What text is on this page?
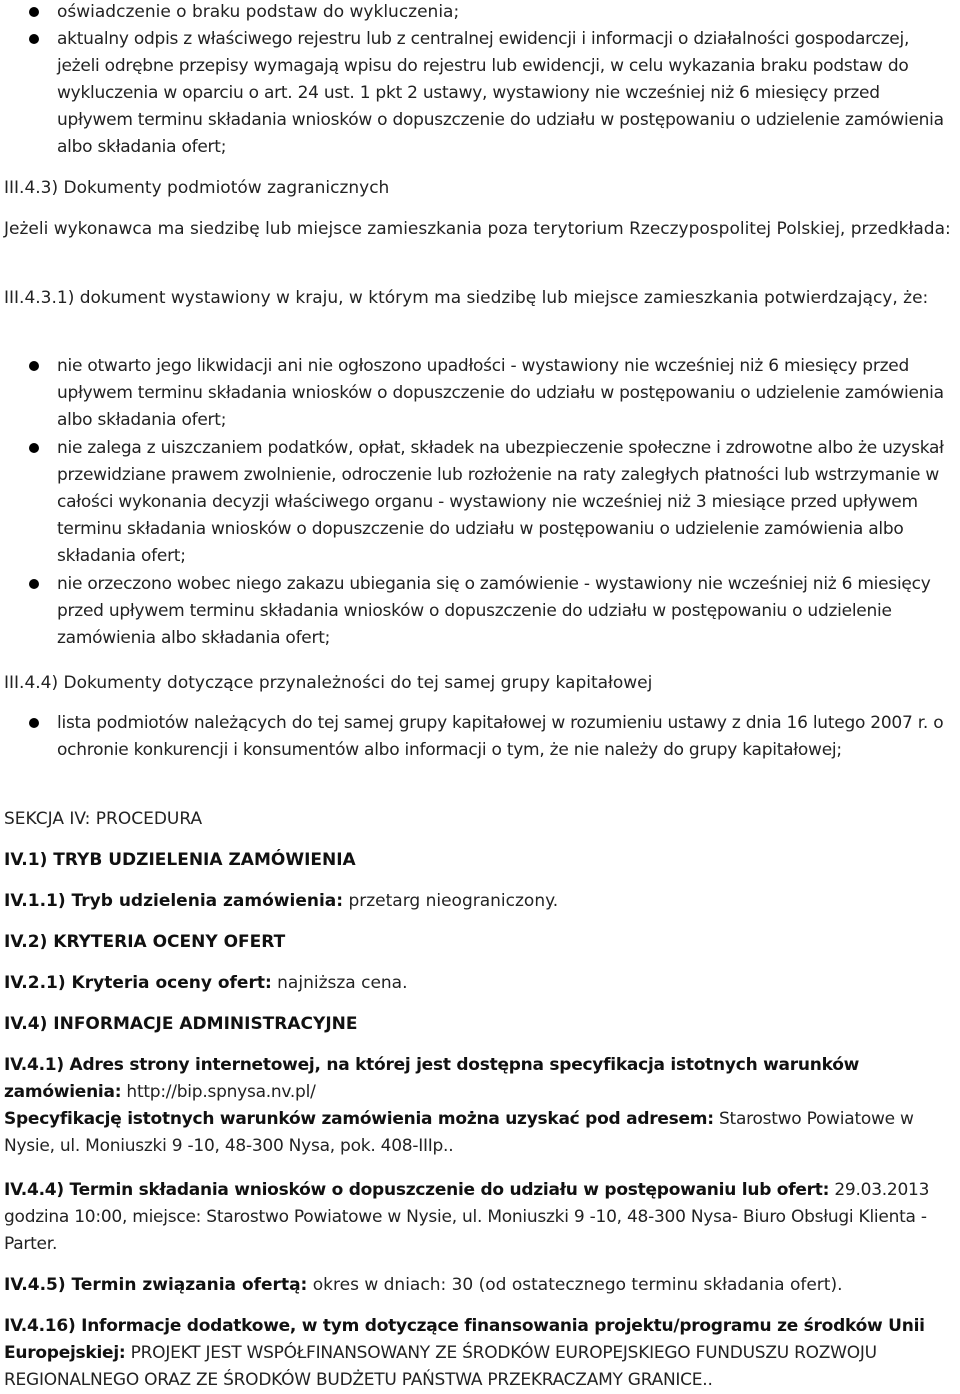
oświadczenie o braku podstaw do wykluczenia;
aktualny odpis z właściwego rejestru lub z centralnej ewidencji i informacji o działalności gospodarczej, jeżeli odrębne przepisy wymagają wpisu do rejestru lub ewidencji, w celu wykazania braku podstaw do wykluczenia w oparciu o art. 24 ust. 1 pkt 2 ustawy, wystawiony nie wcześniej niż 6 miesięcy przed upływem terminu składania wniosków o dopuszczenie do udziału w postępowaniu o udzielenie zamówienia albo składania ofert;
III.4.3) Dokumenty podmiotów zagranicznych
Jeżeli wykonawca ma siedzibę lub miejsce zamieszkania poza terytorium Rzeczypospolitej Polskiej, przedkłada:
III.4.3.1) dokument wystawiony w kraju, w którym ma siedzibę lub miejsce zamieszkania potwierdzający, że:
nie otwarto jego likwidacji ani nie ogłoszono upadłości - wystawiony nie wcześniej niż 6 miesięcy przed upływem terminu składania wniosków o dopuszczenie do udziału w postępowaniu o udzielenie zamówienia albo składania ofert;
nie zalega z uiszczaniem podatków, opłat, składek na ubezpieczenie społeczne i zdrowotne albo że uzyskał przewidziane prawem zwolnienie, odroczenie lub rozłożenie na raty zaległych płatności lub wstrzymanie w całości wykonania decyzji właściwego organu - wystawiony nie wcześniej niż 3 miesiące przed upływem terminu składania wniosków o dopuszczenie do udziału w postępowaniu o udzielenie zamówienia albo składania ofert;
nie orzeczono wobec niego zakazu ubiegania się o zamówienie - wystawiony nie wcześniej niż 6 miesięcy przed upływem terminu składania wniosków o dopuszczenie do udziału w postępowaniu o udzielenie zamówienia albo składania ofert;
III.4.4) Dokumenty dotyczące przynależności do tej samej grupy kapitałowej
lista podmiotów należących do tej samej grupy kapitałowej w rozumieniu ustawy z dnia 16 lutego 2007 r. o ochronie konkurencji i konsumentów albo informacji o tym, że nie należy do grupy kapitałowej;
SEKCJA IV: PROCEDURA
IV.1) TRYB UDZIELENIA ZAMÓWIENIA
IV.1.1) Tryb udzielenia zamówienia: przetarg nieograniczony.
IV.2) KRYTERIA OCENY OFERT
IV.2.1) Kryteria oceny ofert: najniższa cena.
IV.4) INFORMACJE ADMINISTRACYJNE
IV.4.1) Adres strony internetowej, na której jest dostępna specyfikacja istotnych warunków zamówienia: http://bip.spnysa.nv.pl/
Specyfikację istotnych warunków zamówienia można uzyskać pod adresem: Starostwo Powiatowe w Nysie, ul. Moniuszki 9 -10, 48-300 Nysa, pok. 408-IIIp..
IV.4.4) Termin składania wniosków o dopuszczenie do udziału w postępowaniu lub ofert: 29.03.2013 godzina 10:00, miejsce: Starostwo Powiatowe w Nysie, ul. Moniuszki 9 -10, 48-300 Nysa- Biuro Obsługi Klienta - Parter.
IV.4.5) Termin związania ofertą: okres w dniach: 30 (od ostatecznego terminu składania ofert).
IV.4.16) Informacje dodatkowe, w tym dotyczące finansowania projektu/programu ze środków Unii Europejskiej: PROJEKT JEST WSPÓŁFINANSOWANY ZE ŚRODKÓW EUROPEJSKIEGO FUNDUSZU ROZWOJU REGIONALNEGO ORAZ ZE ŚRODKÓW BUDŻETU PAŃSTWA PRZEKRACZAMY GRANICE..
